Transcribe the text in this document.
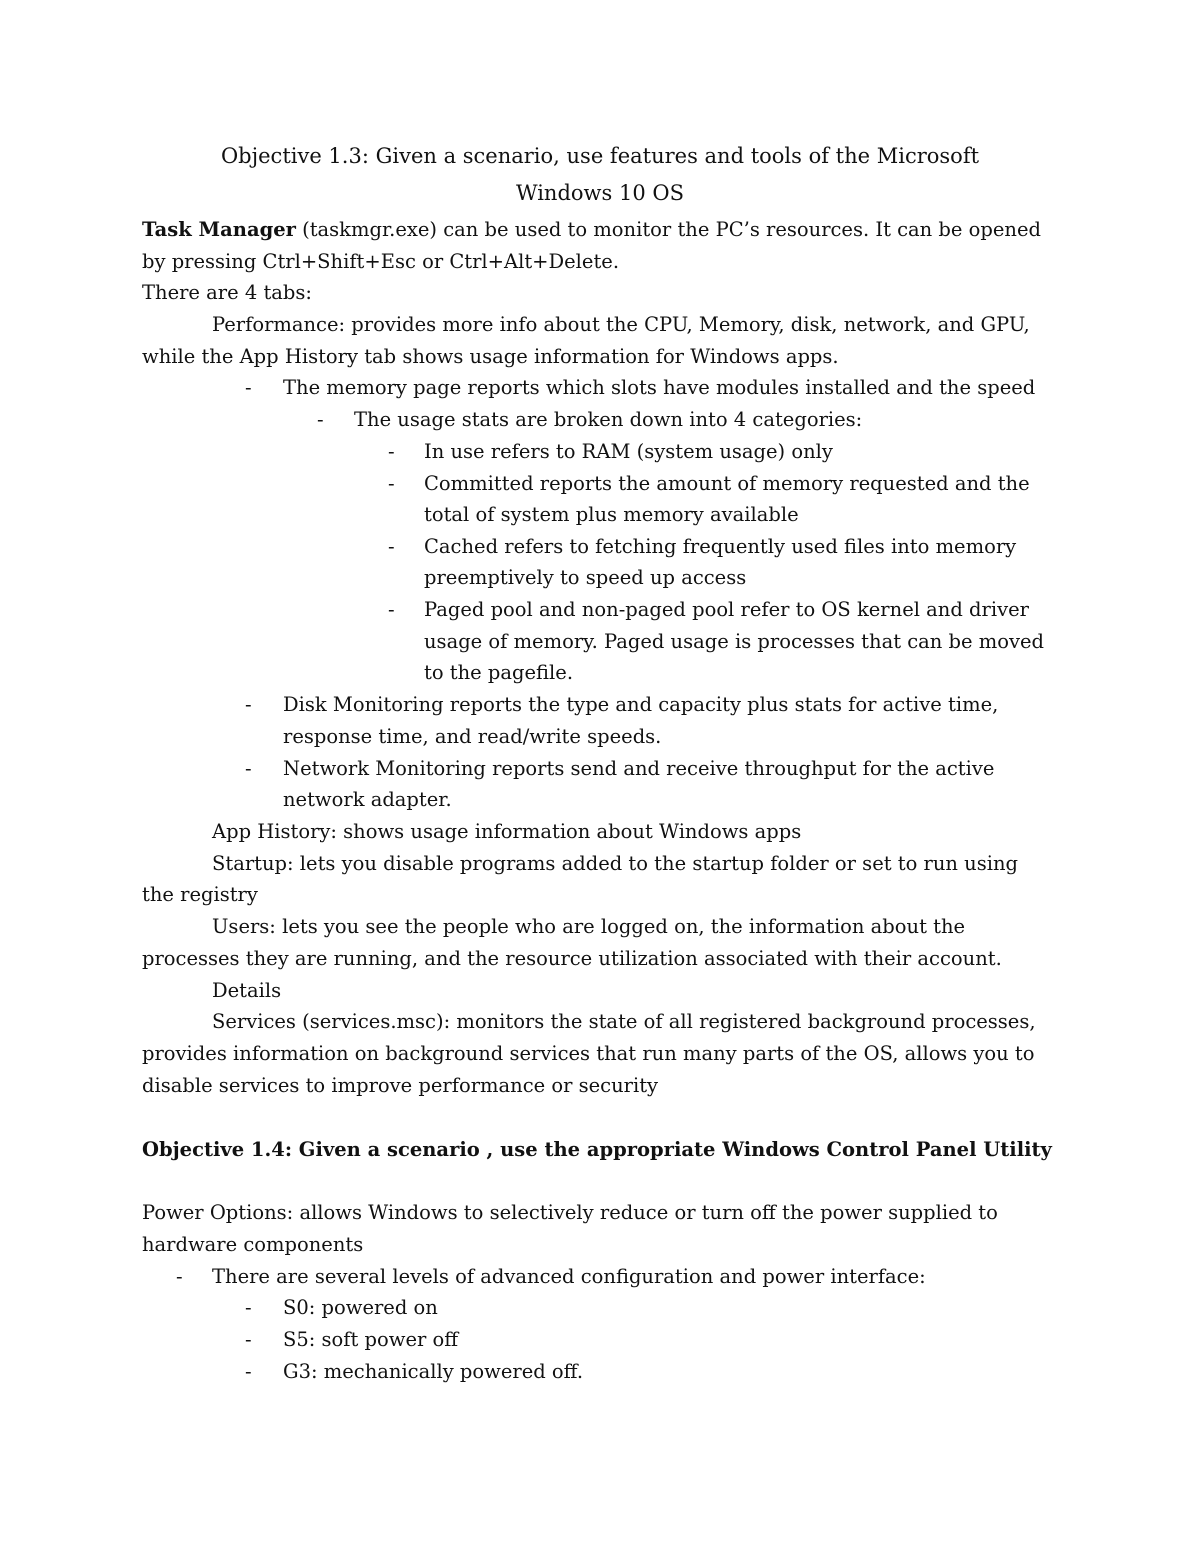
Objective 1.3: Given a scenario, use features and tools of the Microsoft
Windows 10 OS
Task Manager (taskmgr.exe) can be used to monitor the PC’s resources. It can be opened
by pressing Ctrl+Shift+Esc or Ctrl+Alt+Delete.
There are 4 tabs:
Performance: provides more info about the CPU, Memory, disk, network, and GPU,
while the App History tab shows usage information for Windows apps.
- The memory page reports which slots have modules installed and the speed
- The usage stats are broken down into 4 categories:
- In use refers to RAM (system usage) only
- Committed reports the amount of memory requested and the
total of system plus memory available
- Cached refers to fetching frequently used files into memory
preemptively to speed up access
- Paged pool and non-paged pool refer to OS kernel and driver
usage of memory. Paged usage is processes that can be moved
to the pagefile.
- Disk Monitoring reports the type and capacity plus stats for active time,
response time, and read/write speeds.
- Network Monitoring reports send and receive throughput for the active
network adapter.
App History: shows usage information about Windows apps
Startup: lets you disable programs added to the startup folder or set to run using
the registry
Users: lets you see the people who are logged on, the information about the
processes they are running, and the resource utilization associated with their account.
Details
Services (services.msc): monitors the state of all registered background processes,
provides information on background services that run many parts of the OS, allows you to
disable services to improve performance or security
Objective 1.4: Given a scenario , use the appropriate Windows Control Panel Utility
Power Options: allows Windows to selectively reduce or turn off the power supplied to
hardware components
- There are several levels of advanced configuration and power interface:
- S0: powered on
- S5: soft power off
- G3: mechanically powered off.
